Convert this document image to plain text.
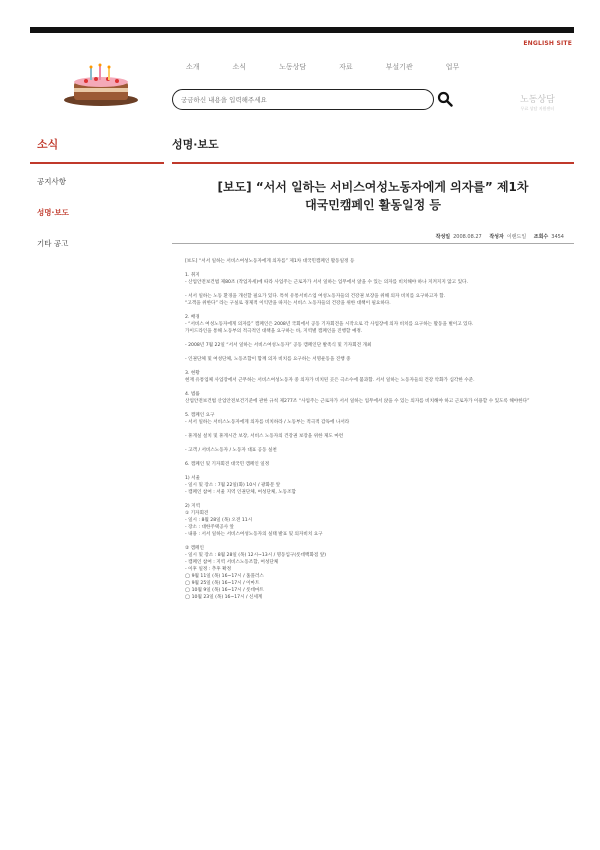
ENGLISH SITE
소개	소식	노동상담	자료	부설기관	업무
궁금하신 내용을 입력해주세요	노동상담
무료 상담 지원센터
소식
공지사항
성명·보도
기타 공고
성명·보도
[보도] “서서 일하는 서비스여성노동자에게 의자를” 제1차
대국민캠페인 활동일정 등
작성일 2008.08.27 작성자 이랜드일 조회수 3454
[보도] “서서 일하는 서비스여성노동자에게 의자를” 제1차 대국민캠페인 활동일정 등

1. 취지
- 산업안전보건법 제80조 (작업자세)에 따라 사업주는 근로자가 서서 일하는 업무에서 앉을 수 있는 의자를 비치해야 하나 지켜지지 않고 있다.

- 서서 일하는 노동 환경을 개선할 필요가 있다. 특히 유통서비스업 여성노동자들의 건강권 보장을 위해 의자 비치를 요구하고자 함.
“고객을 위한다” 라는 구실로 경제적 이익만을 따지는 서비스 노동자들의 건강을 위한 대책이 필요하다.

2. 배경
- “서비스 여성노동자에게 의자를” 캠페인은 2008년 국회에서 공동 기자회견을 시작으로 각 사업장에 의자 비치를 요구하는 활동을 벌이고 있다.
가이드라인을 통해 노동부의 적극적인 대책을 요구하는 바, 지역별 캠페인을 진행할 예정.

- 2008년 7월 22일 “서서 일하는 서비스여성노동자” 공동 캠페인단 발족식 및 기자회견 개최

- 인권단체 및 여성단체, 노동조합이 함께 의자 비치를 요구하는 서명운동을 진행 중

3. 현황
현재 유통업체 사업장에서 근무하는 서비스여성노동자 중 의자가 비치된 곳은 극소수에 불과함. 서서 일하는 노동자들의 건강 악화가 심각한 수준.

4. 법률
산업안전보건법 산업안전보건기준에 관한 규칙 제277조 “사업주는 근로자가 서서 일하는 업무에서 앉을 수 있는 의자를 비치해야 하고 근로자가 이용할 수 있도록 해야한다”

5. 캠페인 요구
- 서서 일하는 서비스노동자에게 의자를 비치하라 / 노동부는 적극적 감독에 나서라

- 휴게실 설치 및 휴게시간 보장, 서비스 노동자의 건강권 보장을 위한 제도 마련

- 고객 / 서비스노동자 / 노동자 대표 공동 실천

6. 캠페인 및 기자회견 대국민 캠페인 일정

1) 서울
- 일시 및 장소 : 7월 22일(화) 10시 / 광화문 앞
- 캠페인 참여 : 서울 지역 인권단체, 여성단체, 노동조합

2) 지역
① 기자회견
- 일시 : 8월 28일 (목) 오전 11시
- 장소 : 대한주택공사 앞
- 내용 : 서서 일하는 서비스여성노동자의 실태 발표 및 의자비치 요구

② 캠페인
- 일시 및 장소 : 8월 28일 (목) 12시~13시 / 명동입구(롯데백화점 앞)
- 캠페인 참여 : 지역 서비스노동조합, 여성단체
- 이후 일정 : 추후 확정
◯ 9월 11일 (목) 16~17시 / 홈플러스
◯ 9월 25일 (목) 16~17시 / 이마트
◯ 10월 9일 (목) 16~17시 / 롯데마트
◯ 10월 23일 (목) 16~17시 / 신세계
